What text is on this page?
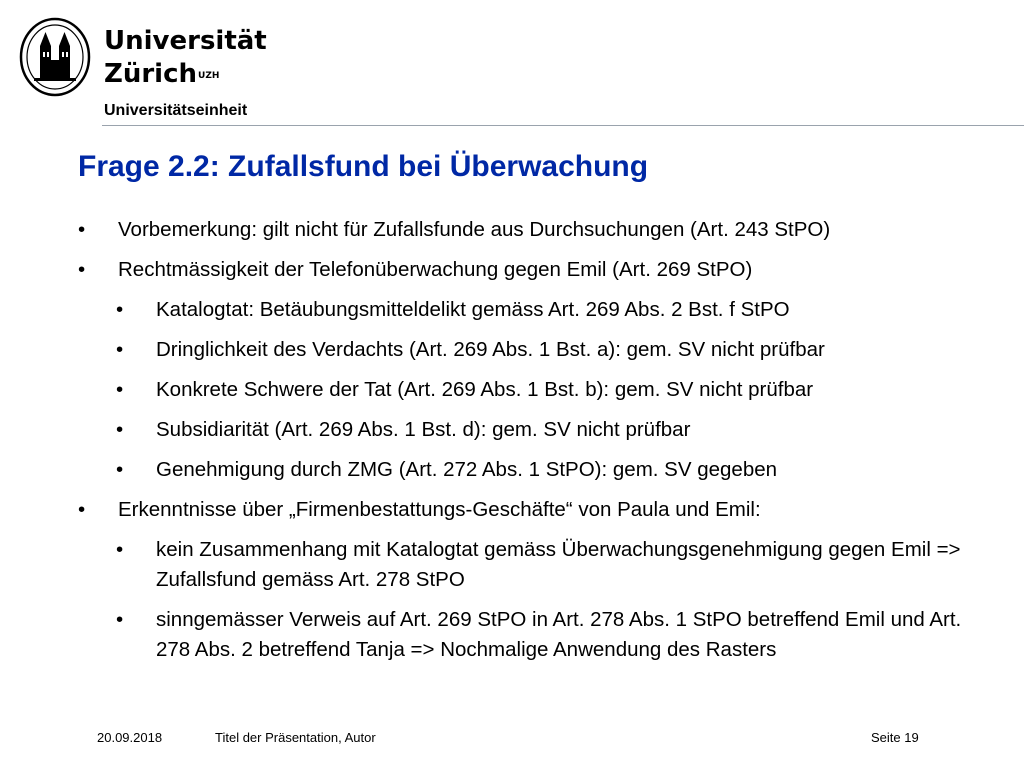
Universität
Zürich$^{UZH}$
Universitätseinheit
Frage 2.2: Zufallsfund bei Überwachung
• Vorbemerkung: gilt nicht für Zufallsfunde aus Durchsuchungen (Art. 243 StPO)
• Rechtmässigkeit der Telefonüberwachung gegen Emil (Art. 269 StPO)
• Katalogtat: Betäubungsmitteldelikt gemäss Art. 269 Abs. 2 Bst. f StPO
• Dringlichkeit des Verdachts (Art. 269 Abs. 1 Bst. a): gem. SV nicht prüfbar
• Konkrete Schwere der Tat (Art. 269 Abs. 1 Bst. b): gem. SV nicht prüfbar
• Subsidiarität (Art. 269 Abs. 1 Bst. d): gem. SV nicht prüfbar
• Genehmigung durch ZMG (Art. 272 Abs. 1 StPO): gem. SV gegeben
• Erkenntnisse über „Firmenbestattungs-Geschäfte“ von Paula und Emil:
• kein Zusammenhang mit Katalogtat gemäss Überwachungsgenehmigung gegen Emil => Zufallsfund gemäss Art. 278 StPO
• sinngemässer Verweis auf Art. 269 StPO in Art. 278 Abs. 1 StPO betreffend Emil und Art. 278 Abs. 2 betreffend Tanja => Nochmalige Anwendung des Rasters
20.09.2018	Titel der Präsentation, Autor	Seite 19
